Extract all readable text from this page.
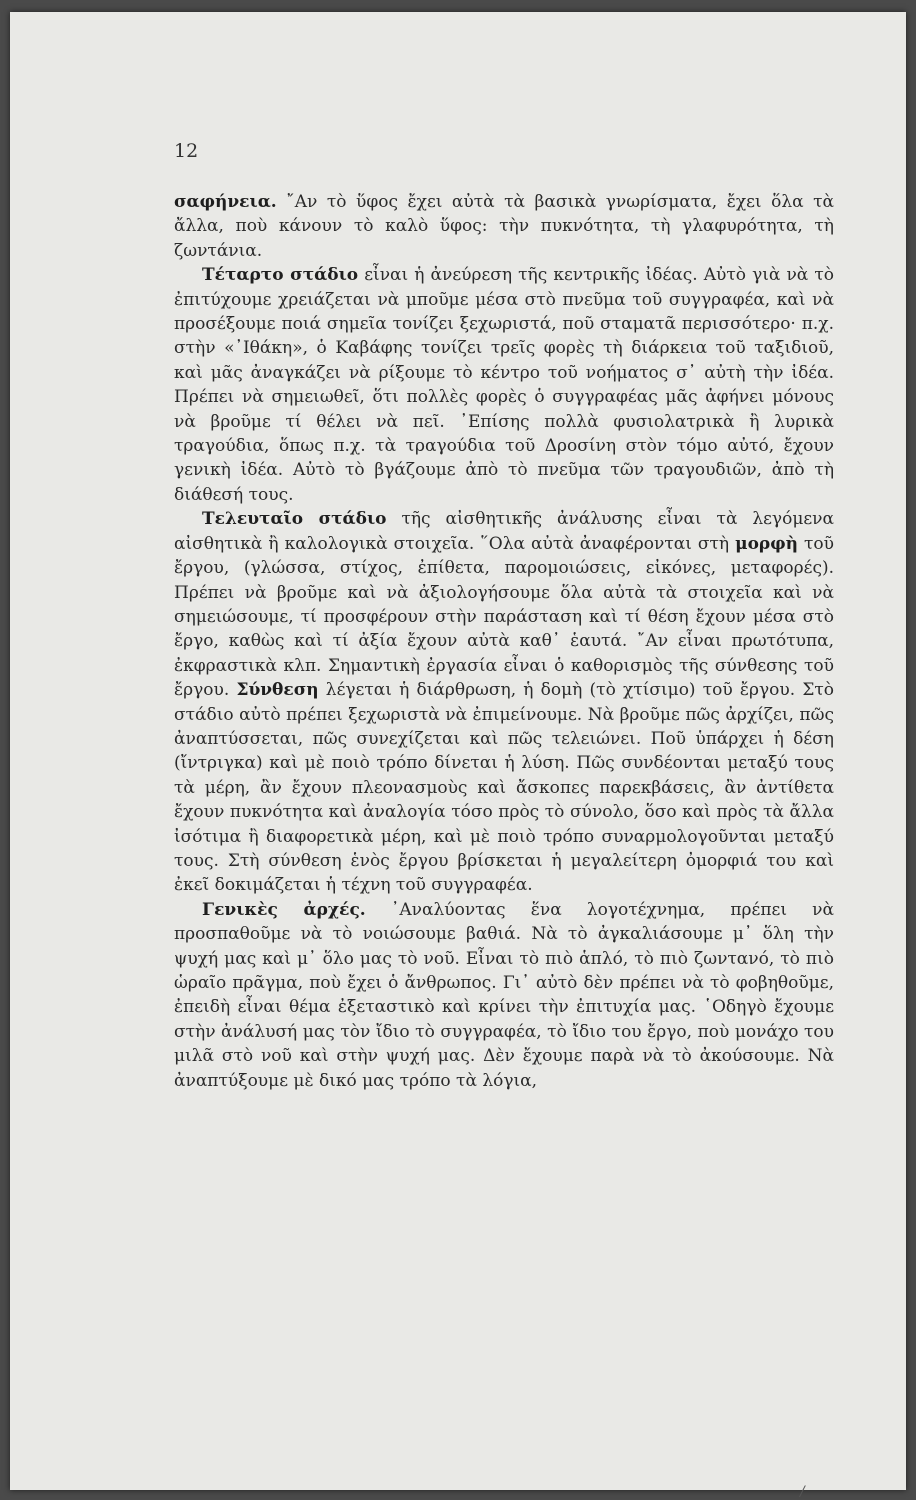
12

σαφήνεια. ῎Αν τὸ ὕφος ἔχει αὐτὰ τὰ βασικὰ γνωρίσματα, ἔχει ὅλα τὰ ἄλλα, ποὺ κάνουν τὸ καλὸ ὕφος: τὴν πυκνότητα, τὴ γλαφυρότητα, τὴ ζωντάνια.

Τέταρτο στάδιο εἶναι ἡ ἀνεύρεση τῆς κεντρικῆς ἰδέας. Αὐτὸ γιὰ νὰ τὸ ἐπιτύχουμε χρειάζεται νὰ μποῦμε μέσα στὸ πνεῦμα τοῦ συγγραφέα, καὶ νὰ προσέξουμε ποιά σημεῖα τονίζει ξεχωριστά, ποῦ σταματᾶ περισσότερο· π.χ. στὴν «᾿Ιθάκη», ὁ Καβάφης τονίζει τρεῖς φορὲς τὴ διάρκεια τοῦ ταξιδιοῦ, καὶ μᾶς ἀναγκάζει νὰ ρίξουμε τὸ κέντρο τοῦ νοήματος σ᾿ αὐτὴ τὴν ἰδέα. Πρέπει νὰ σημειωθεῖ, ὅτι πολλὲς φορὲς ὁ συγγραφέας μᾶς ἀφήνει μόνους νὰ βροῦμε τί θέλει νὰ πεῖ. ᾿Επίσης πολλὰ φυσιολατρικὰ ἢ λυρικὰ τραγούδια, ὅπως π.χ. τὰ τραγούδια τοῦ Δροσίνη στὸν τόμο αὐτό, ἔχουν γενικὴ ἰδέα. Αὐτὸ τὸ βγάζουμε ἀπὸ τὸ πνεῦμα τῶν τραγουδιῶν, ἀπὸ τὴ διάθεσή τους.

Τελευταῖο στάδιο τῆς αἰσθητικῆς ἀνάλυσης εἶναι τὰ λεγόμενα αἰσθητικὰ ἢ καλολογικὰ στοιχεῖα. ῞Ολα αὐτὰ ἀναφέρονται στὴ μορφὴ τοῦ ἔργου, (γλώσσα, στίχος, ἐπίθετα, παρομοιώσεις, εἰκόνες, μεταφορές). Πρέπει νὰ βροῦμε καὶ νὰ ἀξιολογήσουμε ὅλα αὐτὰ τὰ στοιχεῖα καὶ νὰ σημειώσουμε, τί προσφέρουν στὴν παράσταση καὶ τί θέση ἔχουν μέσα στὸ ἔργο, καθὼς καὶ τί ἀξία ἔχουν αὐτὰ καθ᾿ ἑαυτά. ῎Αν εἶναι πρωτότυπα, ἐκφραστικὰ κλπ. Σημαντικὴ ἐργασία εἶναι ὁ καθορισμὸς τῆς σύνθεσης τοῦ ἔργου. Σύνθεση λέγεται ἡ διάρθρωση, ἡ δομὴ (τὸ χτίσιμο) τοῦ ἔργου. Στὸ στάδιο αὐτὸ πρέπει ξεχωριστὰ νὰ ἐπιμείνουμε. Νὰ βροῦμε πῶς ἀρχίζει, πῶς ἀναπτύσσεται, πῶς συνεχίζεται καὶ πῶς τελειώνει. Ποῦ ὑπάρχει ἡ δέση (ἴντριγκα) καὶ μὲ ποιὸ τρόπο δίνεται ἡ λύση. Πῶς συνδέονται μεταξύ τους τὰ μέρη, ἂν ἔχουν πλεονασμοὺς καὶ ἄσκοπες παρεκβάσεις, ἂν ἀντίθετα ἔχουν πυκνότητα καὶ ἀναλογία τόσο πρὸς τὸ σύνολο, ὅσο καὶ πρὸς τὰ ἄλλα ἰσότιμα ἢ διαφορετικὰ μέρη, καὶ μὲ ποιὸ τρόπο συναρμολογοῦνται μεταξύ τους. Στὴ σύνθεση ἑνὸς ἔργου βρίσκεται ἡ μεγαλείτερη ὀμορφιά του καὶ ἐκεῖ δοκιμάζεται ἡ τέχνη τοῦ συγγραφέα.

Γενικὲς ἀρχές. ᾿Αναλύοντας ἕνα λογοτέχνημα, πρέπει νὰ προσπαθοῦμε νὰ τὸ νοιώσουμε βαθιά. Νὰ τὸ ἀγκαλιάσουμε μ᾿ ὅλη τὴν ψυχή μας καὶ μ᾿ ὅλο μας τὸ νοῦ. Εἶναι τὸ πιὸ ἁπλό, τὸ πιὸ ζωντανό, τὸ πιὸ ὡραῖο πρᾶγμα, ποὺ ἔχει ὁ ἄνθρωπος. Γι᾿ αὐτὸ δὲν πρέπει νὰ τὸ φοβηθοῦμε, ἐπειδὴ εἶναι θέμα ἐξεταστικὸ καὶ κρίνει τὴν ἐπιτυχία μας. ῾Οδηγὸ ἔχουμε στὴν ἀνάλυσή μας τὸν ἴδιο τὸ συγγραφέα, τὸ ἴδιο του ἔργο, ποὺ μονάχο του μιλᾶ στὸ νοῦ καὶ στὴν ψυχή μας. Δὲν ἔχουμε παρὰ νὰ τὸ ἀκούσουμε. Νὰ ἀναπτύξουμε μὲ δικό μας τρόπο τὰ λόγια,

/
